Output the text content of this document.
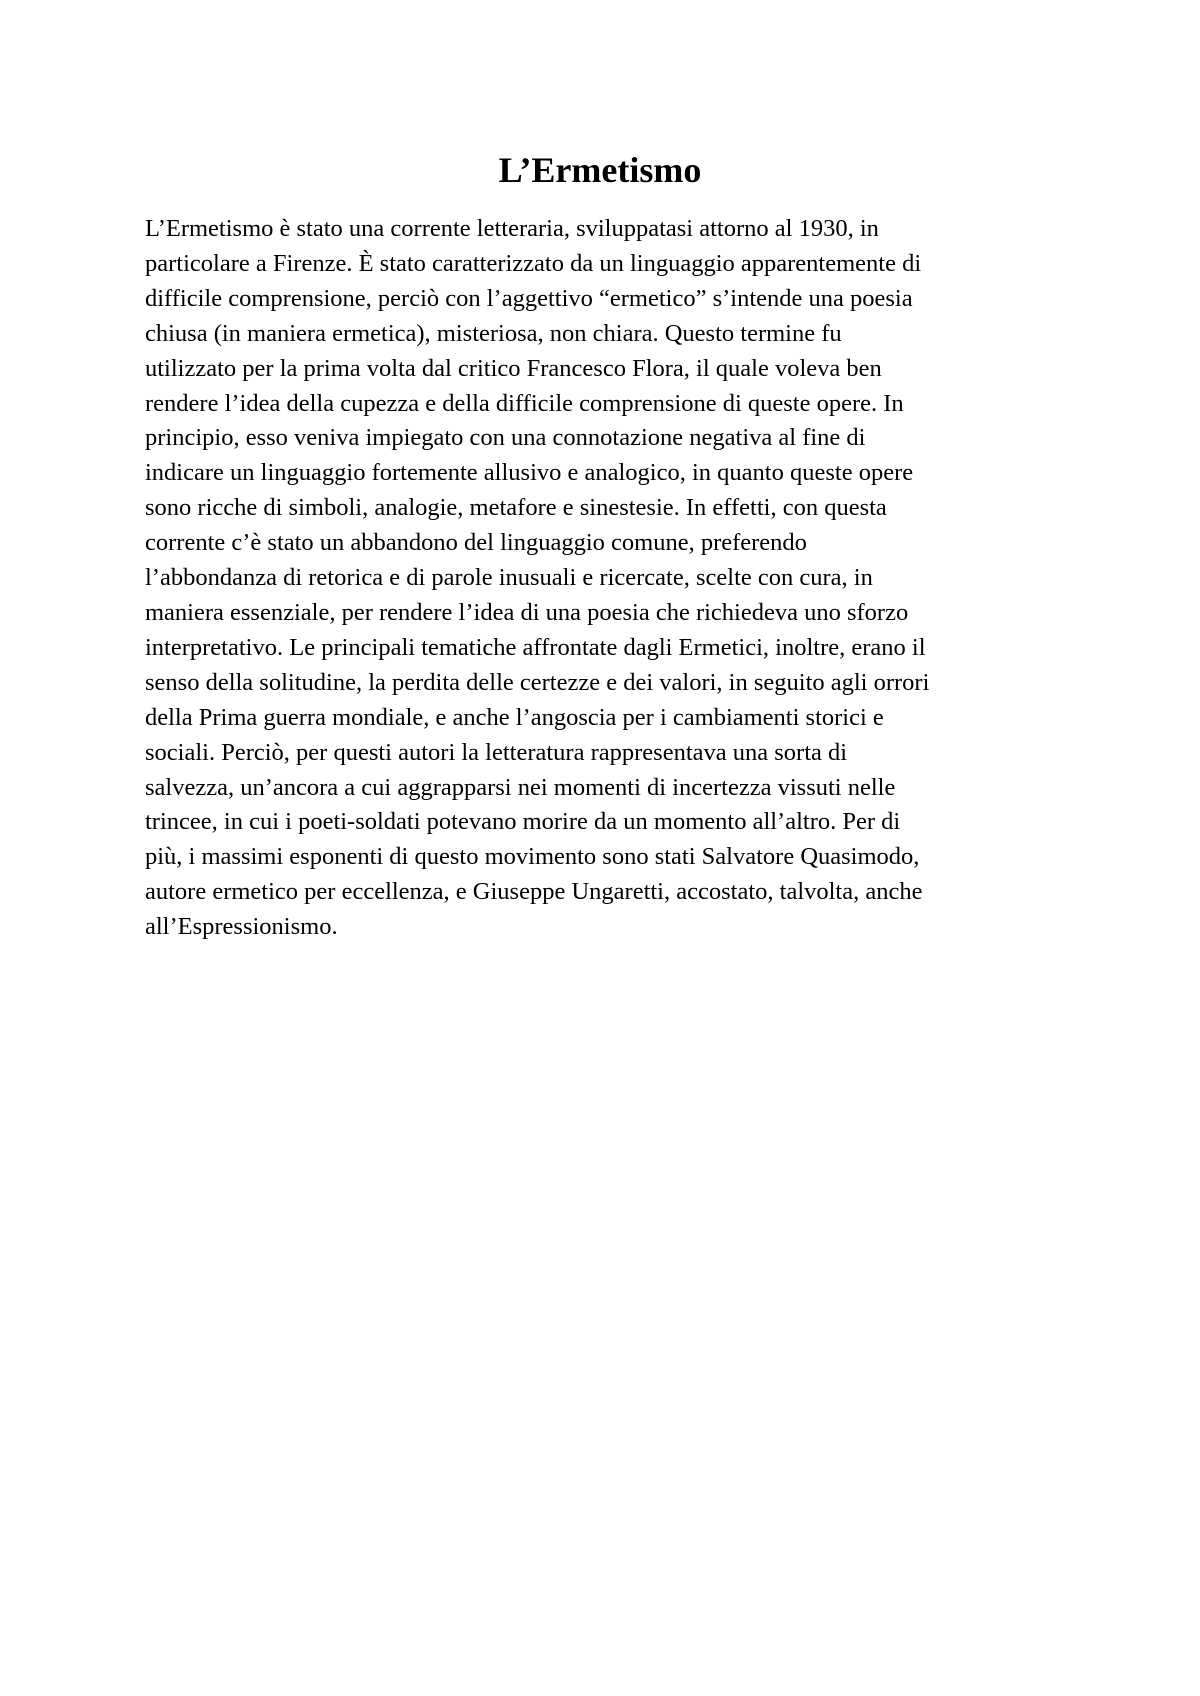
L’Ermetismo

L’Ermetismo è stato una corrente letteraria, sviluppatasi attorno al 1930, in
particolare a Firenze. È stato caratterizzato da un linguaggio apparentemente di
difficile comprensione, perciò con l’aggettivo “ermetico” s’intende una poesia
chiusa (in maniera ermetica), misteriosa, non chiara. Questo termine fu
utilizzato per la prima volta dal critico Francesco Flora, il quale voleva ben
rendere l’idea della cupezza e della difficile comprensione di queste opere. In
principio, esso veniva impiegato con una connotazione negativa al fine di
indicare un linguaggio fortemente allusivo e analogico, in quanto queste opere
sono ricche di simboli, analogie, metafore e sinestesie. In effetti, con questa
corrente c’è stato un abbandono del linguaggio comune, preferendo
l’abbondanza di retorica e di parole inusuali e ricercate, scelte con cura, in
maniera essenziale, per rendere l’idea di una poesia che richiedeva uno sforzo
interpretativo. Le principali tematiche affrontate dagli Ermetici, inoltre, erano il
senso della solitudine, la perdita delle certezze e dei valori, in seguito agli orrori
della Prima guerra mondiale, e anche l’angoscia per i cambiamenti storici e
sociali. Perciò, per questi autori la letteratura rappresentava una sorta di
salvezza, un’ancora a cui aggrapparsi nei momenti di incertezza vissuti nelle
trincee, in cui i poeti-soldati potevano morire da un momento all’altro. Per di
più, i massimi esponenti di questo movimento sono stati Salvatore Quasimodo,
autore ermetico per eccellenza, e Giuseppe Ungaretti, accostato, talvolta, anche
all’Espressionismo.
